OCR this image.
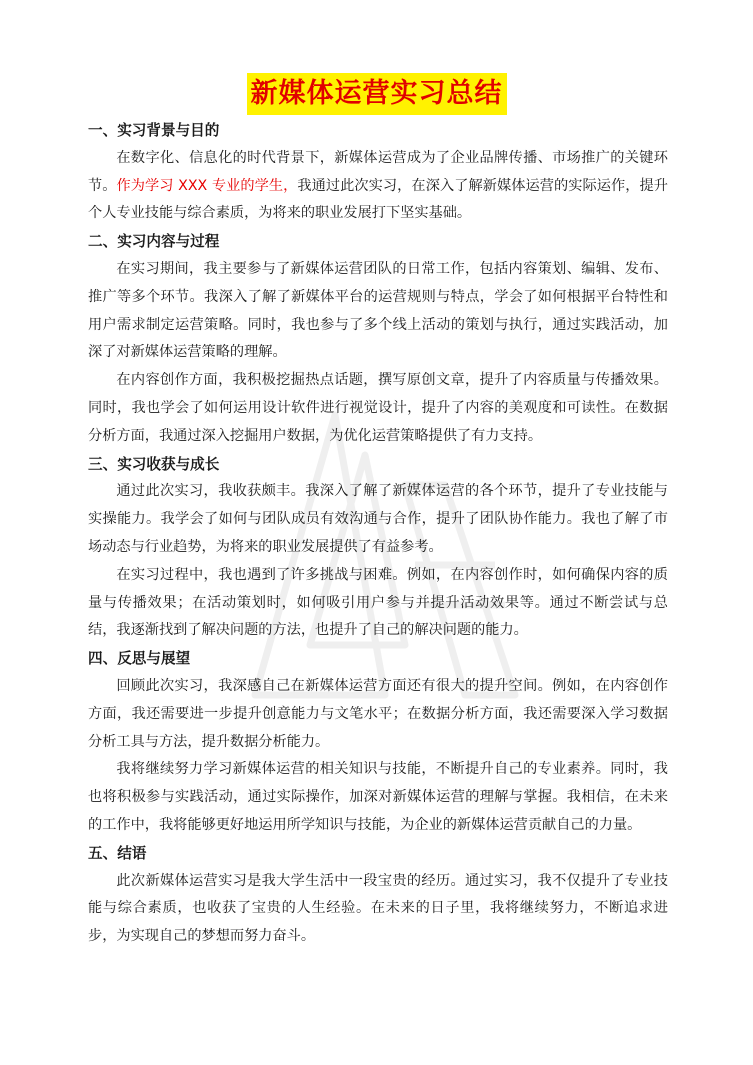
新媒体运营实习总结

一、实习背景与目的

在数字化、信息化的时代背景下，新媒体运营成为了企业品牌传播、市场推广的关键环节。作为学习 XXX 专业的学生，我通过此次实习，在深入了解新媒体运营的实际运作，提升个人专业技能与综合素质，为将来的职业发展打下坚实基础。

二、实习内容与过程

在实习期间，我主要参与了新媒体运营团队的日常工作，包括内容策划、编辑、发布、推广等多个环节。我深入了解了新媒体平台的运营规则与特点，学会了如何根据平台特性和用户需求制定运营策略。同时，我也参与了多个线上活动的策划与执行，通过实践活动，加深了对新媒体运营策略的理解。

在内容创作方面，我积极挖掘热点话题，撰写原创文章，提升了内容质量与传播效果。同时，我也学会了如何运用设计软件进行视觉设计，提升了内容的美观度和可读性。在数据分析方面，我通过深入挖掘用户数据，为优化运营策略提供了有力支持。

三、实习收获与成长

通过此次实习，我收获颇丰。我深入了解了新媒体运营的各个环节，提升了专业技能与实操能力。我学会了如何与团队成员有效沟通与合作，提升了团队协作能力。我也了解了市场动态与行业趋势，为将来的职业发展提供了有益参考。

在实习过程中，我也遇到了许多挑战与困难。例如，在内容创作时，如何确保内容的质量与传播效果；在活动策划时，如何吸引用户参与并提升活动效果等。通过不断尝试与总结，我逐渐找到了解决问题的方法，也提升了自己的解决问题的能力。

四、反思与展望

回顾此次实习，我深感自己在新媒体运营方面还有很大的提升空间。例如，在内容创作方面，我还需要进一步提升创意能力与文笔水平；在数据分析方面，我还需要深入学习数据分析工具与方法，提升数据分析能力。

我将继续努力学习新媒体运营的相关知识与技能，不断提升自己的专业素养。同时，我也将积极参与实践活动，通过实际操作，加深对新媒体运营的理解与掌握。我相信，在未来的工作中，我将能够更好地运用所学知识与技能，为企业的新媒体运营贡献自己的力量。

五、结语

此次新媒体运营实习是我大学生活中一段宝贵的经历。通过实习，我不仅提升了专业技能与综合素质，也收获了宝贵的人生经验。在未来的日子里，我将继续努力，不断追求进步，为实现自己的梦想而努力奋斗。
